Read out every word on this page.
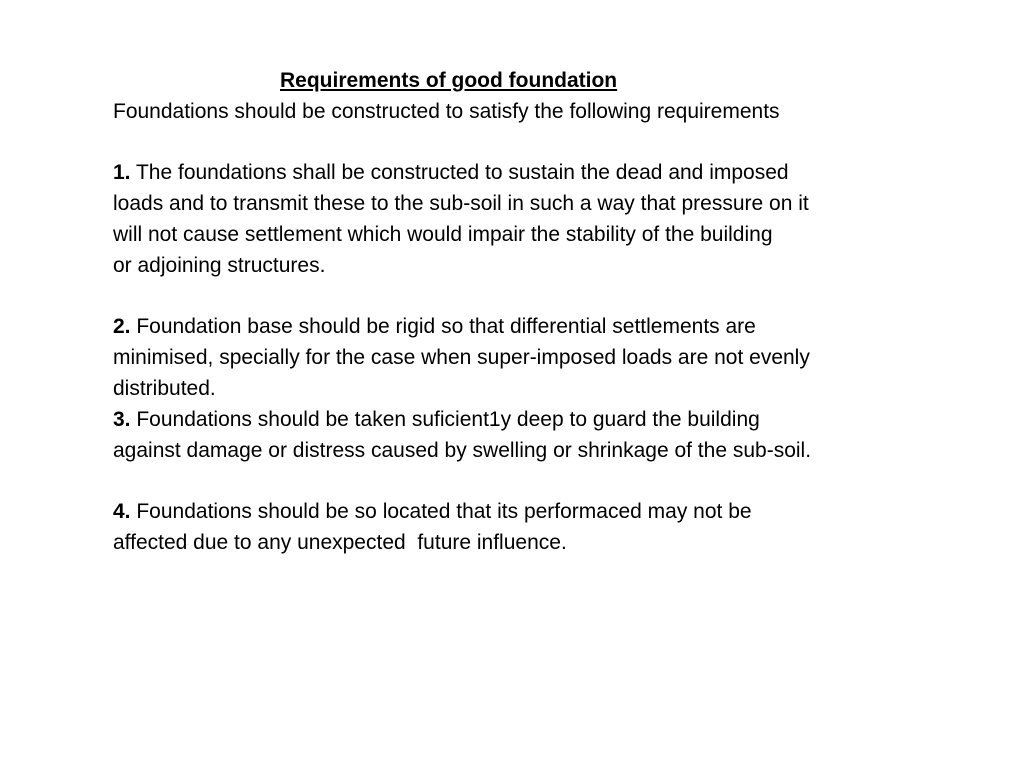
Requirements of good foundation

Foundations should be constructed to satisfy the following requirements

1. The foundations shall be constructed to sustain the dead and imposed

loads and to transmit these to the sub-soil in such a way that pressure on it

will not cause settlement which would impair the stability of the building

or adjoining structures.

2. Foundation base should be rigid so that differential settlements are

minimised, specially for the case when super-imposed loads are not evenly

distributed.

3. Foundations should be taken suficient1y deep to guard the building

against damage or distress caused by swelling or shrinkage of the sub-soil.

4. Foundations should be so located that its performaced may not be

affected due to any unexpected  future influence.
